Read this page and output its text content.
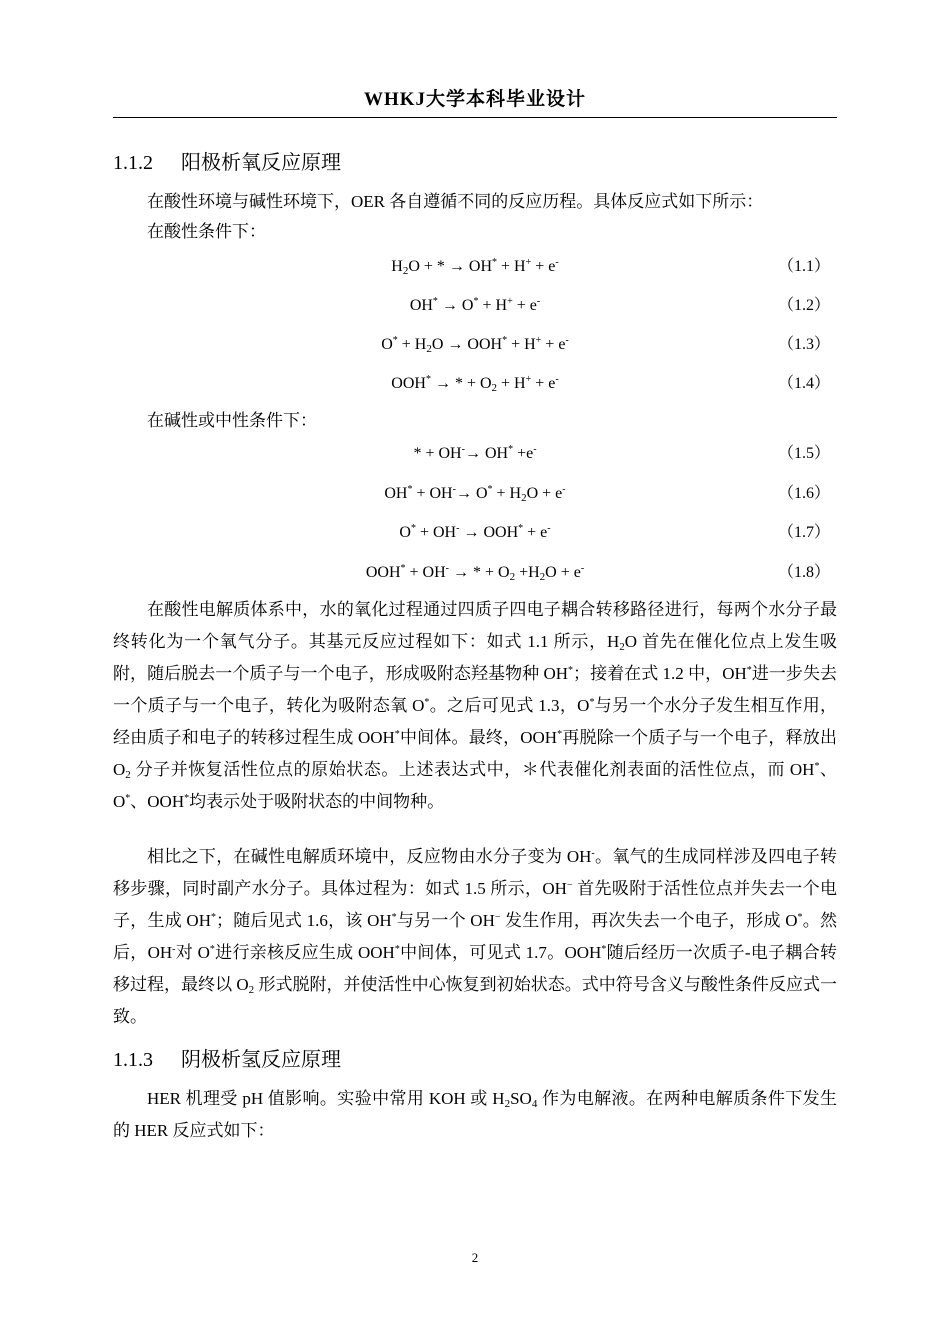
WHKJ大学本科毕业设计
1.1.2 阳极析氧反应原理
在酸性环境与碱性环境下，OER 各自遵循不同的反应历程。具体反应式如下所示：
在酸性条件下：
$H_2O$ + * → OH* + H+ + e-	（1.1）
OH* → O* + H+ + e-	（1.2）
$O^* + H_2O \to OOH^* + H^+ + e^-$	（1.3）
OOH* → * + $O_2 + H^+ + e^-$	（1.4）
在碱性或中性条件下：
* + OH-→ OH* +e-	（1.5）
$OH^* + OH^-\to O^* + H_2O + e^-$	（1.6）
O* + OH- → OOH* + e-	（1.7）
OOH* + OH- → * + $O_2 +H_2O + e^-$	（1.8）
在酸性电解质体系中，水的氧化过程通过四质子四电子耦合转移路径进行，每两个水分子最终转化为一个氧气分子。其基元反应过程如下：如式 1.1 所示，$H_2O$ 首先在催化位点上发生吸附，随后脱去一个质子与一个电子，形成吸附态羟基物种 OH*；接着在式 1.2 中，OH*进一步失去一个质子与一个电子，转化为吸附态氧 O*。之后可见式 1.3，O*与另一个水分子发生相互作用，经由质子和电子的转移过程生成 OOH*中间体。最终，OOH*再脱除一个质子与一个电子，释放出 $O_2$ 分子并恢复活性位点的原始状态。上述表达式中，＊代表催化剂表面的活性位点，而 OH*、O*、OOH*均表示处于吸附状态的中间物种。
相比之下，在碱性电解质环境中，反应物由水分子变为 OH-。氧气的生成同样涉及四电子转移步骤，同时副产水分子。具体过程为：如式 1.5 所示，OH− 首先吸附于活性位点并失去一个电子，生成 OH*；随后见式 1.6，该 OH*与另一个 OH− 发生作用，再次失去一个电子，形成 O*。然后，OH-对 O*进行亲核反应生成 OOH*中间体，可见式 1.7。OOH*随后经历一次质子-电子耦合转移过程，最终以 $O_2$ 形式脱附，并使活性中心恢复到初始状态。式中符号含义与酸性条件反应式一致。
1.1.3 阴极析氢反应原理
HER 机理受 pH 值影响。实验中常用 KOH 或 $H_2SO_4$ 作为电解液。在两种电解质条件下发生的 HER 反应式如下：
2
